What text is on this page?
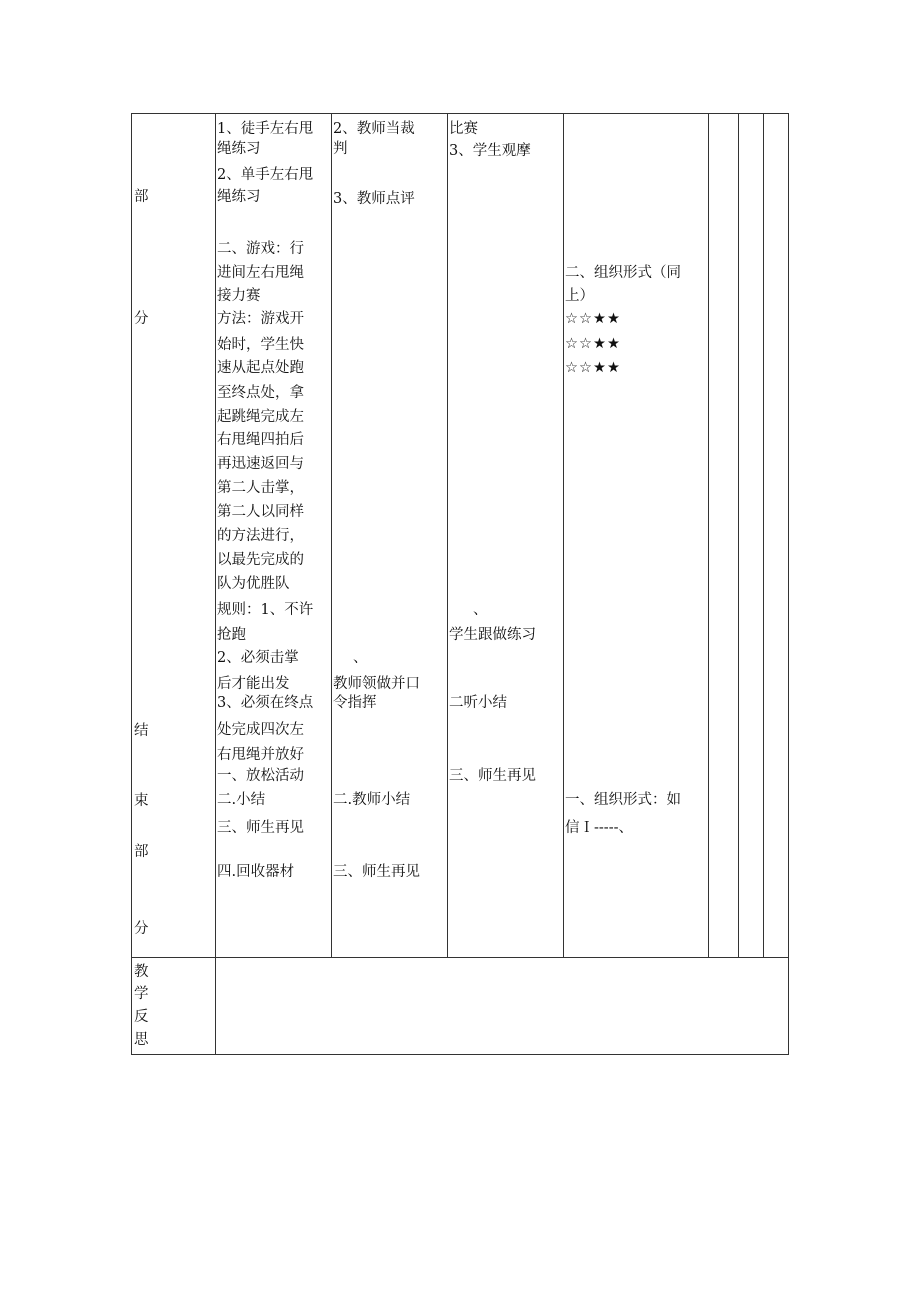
部
分
结
束
部
分
1、徒手左右甩
绳练习
2、单手左右甩
绳练习
二、游戏：行
进间左右甩绳
接力赛
方法：游戏开
始时，学生快
速从起点处跑
至终点处，拿
起跳绳完成左
右甩绳四拍后
再迅速返回与
第二人击掌，
第二人以同样
的方法进行，
以最先完成的
队为优胜队
规则：1、不许
抢跑
2、必须击掌
后才能出发
3、必须在终点
处完成四次左
右甩绳并放好
一、放松活动
二.小结
三、师生再见
四.回收器材
2、教师当裁
判
3、教师点评
、
教师领做并口
令指挥
二.教师小结
三、师生再见
比赛
3、学生观摩
、
学生跟做练习
二听小结
三、师生再见
二、组织形式（同
上）
☆☆★★
☆☆★★
☆☆★★
一、组织形式：如
信Ｉ-----、
教
学
反
思
